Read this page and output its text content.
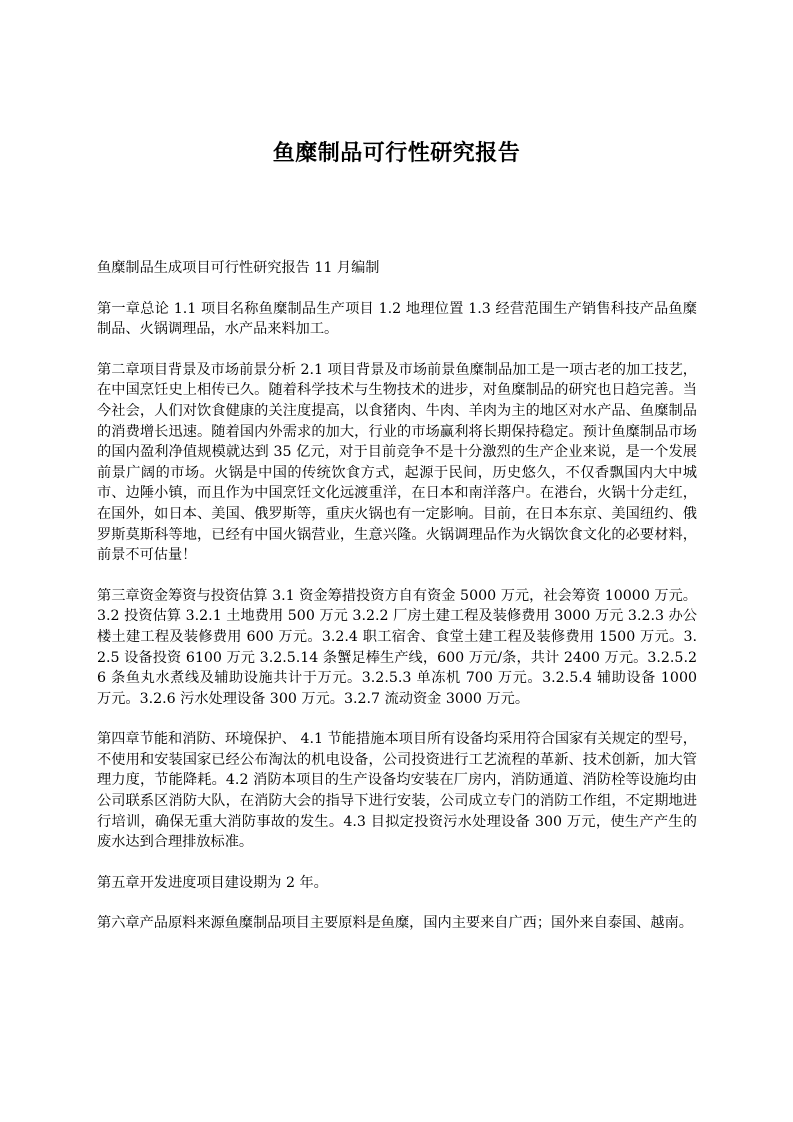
鱼糜制品可行性研究报告

鱼糜制品生成项目可行性研究报告 11 月编制

第一章总论 1.1 项目名称鱼糜制品生产项目 1.2 地理位置 1.3 经营范围生产销售科技产品鱼糜制品、火锅调理品，水产品来料加工。

第二章项目背景及市场前景分析 2.1 项目背景及市场前景鱼糜制品加工是一项古老的加工技艺，在中国烹饪史上相传已久。随着科学技术与生物技术的进步，对鱼糜制品的研究也日趋完善。当今社会，人们对饮食健康的关注度提高，以食猪肉、牛肉、羊肉为主的地区对水产品、鱼糜制品的消费增长迅速。随着国内外需求的加大，行业的市场赢利将长期保持稳定。预计鱼糜制品市场的国内盈利净值规模就达到 35 亿元，对于目前竞争不是十分激烈的生产企业来说，是一个发展前景广阔的市场。火锅是中国的传统饮食方式，起源于民间，历史悠久，不仅香飘国内大中城市、边陲小镇，而且作为中国烹饪文化远渡重洋，在日本和南洋落户。在港台，火锅十分走红，在国外，如日本、美国、俄罗斯等，重庆火锅也有一定影响。目前，在日本东京、美国纽约、俄罗斯莫斯科等地，已经有中国火锅营业，生意兴隆。火锅调理品作为火锅饮食文化的必要材料，前景不可估量！

第三章资金筹资与投资估算 3.1 资金筹措投资方自有资金 5000 万元，社会筹资 10000 万元。3.2 投资估算 3.2.1 土地费用 500 万元 3.2.2 厂房土建工程及装修费用 3000 万元 3.2.3 办公楼土建工程及装修费用 600 万元。3.2.4 职工宿舍、食堂土建工程及装修费用 1500 万元。3.2.5 设备投资 6100 万元 3.2.5.14 条蟹足棒生产线，600 万元/条，共计 2400 万元。3.2.5.26 条鱼丸水煮线及辅助设施共计于万元。3.2.5.3 单冻机 700 万元。3.2.5.4 辅助设备 1000 万元。3.2.6 污水处理设备 300 万元。3.2.7 流动资金 3000 万元。

第四章节能和消防、环境保护、 4.1 节能措施本项目所有设备均采用符合国家有关规定的型号，不使用和安装国家已经公布淘汰的机电设备，公司投资进行工艺流程的革新、技术创新，加大管理力度，节能降耗。4.2 消防本项目的生产设备均安装在厂房内，消防通道、消防栓等设施均由公司联系区消防大队，在消防大会的指导下进行安装，公司成立专门的消防工作组，不定期地进行培训，确保无重大消防事故的发生。4.3 目拟定投资污水处理设备 300 万元，使生产产生的废水达到合理排放标准。

第五章开发进度项目建设期为 2 年。

第六章产品原料来源鱼糜制品项目主要原料是鱼糜，国内主要来自广西；国外来自泰国、越南。
